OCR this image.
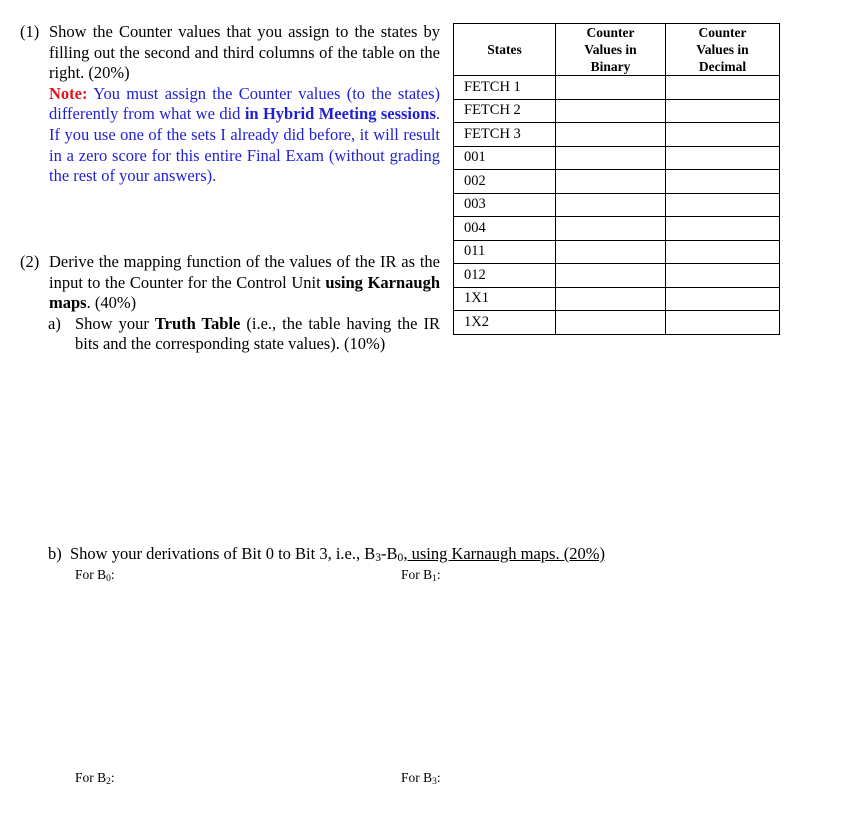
(1) Show the Counter values that you assign to the states by filling out the second and third columns of the table on the right. (20%)
Note: You must assign the Counter values (to the states) differently from what we did in Hybrid Meeting sessions. If you use one of the sets I already did before, it will result in a zero score for this entire Final Exam (without grading the rest of your answers).
(2) Derive the mapping function of the values of the IR as the input to the Counter for the Control Unit using Karnaugh maps. (40%)
a) Show your Truth Table (i.e., the table having the IR bits and the corresponding state values). (10%)
b) Show your derivations of Bit 0 to Bit 3, i.e., $B_3-B_0$, using Karnaugh maps. (20%)
For $B_0$:	For $B_1$:
For $B_2$:	For $B_3$:
States	Counter Values in Binary	Counter Values in Decimal
FETCH 1		
FETCH 2		
FETCH 3		
001		
002		
003		
004		
011		
012		
1X1		
1X2		
